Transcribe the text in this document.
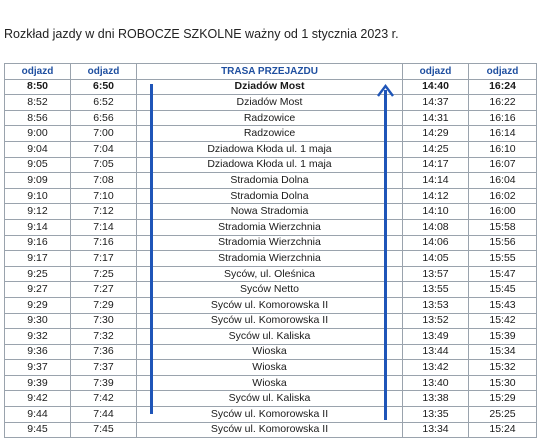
Rozkład jazdy w dni ROBOCZE SZKOLNE ważny od 1 stycznia 2023 r.
odjazd	odjazd	TRASA PRZEJAZDU	odjazd	odjazd
8:50	6:50	Dziadów Most	14:40	16:24
8:52	6:52	Dziadów Most	14:37	16:22
8:56	6:56	Radzowice	14:31	16:16
9:00	7:00	Radzowice	14:29	16:14
9:04	7:04	Dziadowa Kłoda ul. 1 maja	14:25	16:10
9:05	7:05	Dziadowa Kłoda ul. 1 maja	14:17	16:07
9:09	7:08	Stradomia Dolna	14:14	16:04
9:10	7:10	Stradomia Dolna	14:12	16:02
9:12	7:12	Nowa Stradomia	14:10	16:00
9:14	7:14	Stradomia Wierzchnia	14:08	15:58
9:16	7:16	Stradomia Wierzchnia	14:06	15:56
9:17	7:17	Stradomia Wierzchnia	14:05	15:55
9:25	7:25	Syców, ul. Oleśnica	13:57	15:47
9:27	7:27	Syców Netto	13:55	15:45
9:29	7:29	Syców ul. Komorowska II	13:53	15:43
9:30	7:30	Syców ul. Komorowska II	13:52	15:42
9:32	7:32	Syców ul. Kaliska	13:49	15:39
9:36	7:36	Wioska	13:44	15:34
9:37	7:37	Wioska	13:42	15:32
9:39	7:39	Wioska	13:40	15:30
9:42	7:42	Syców ul. Kaliska	13:38	15:29
9:44	7:44	Syców ul. Komorowska II	13:35	25:25
9:45	7:45	Syców ul. Komorowska II	13:34	15:24
